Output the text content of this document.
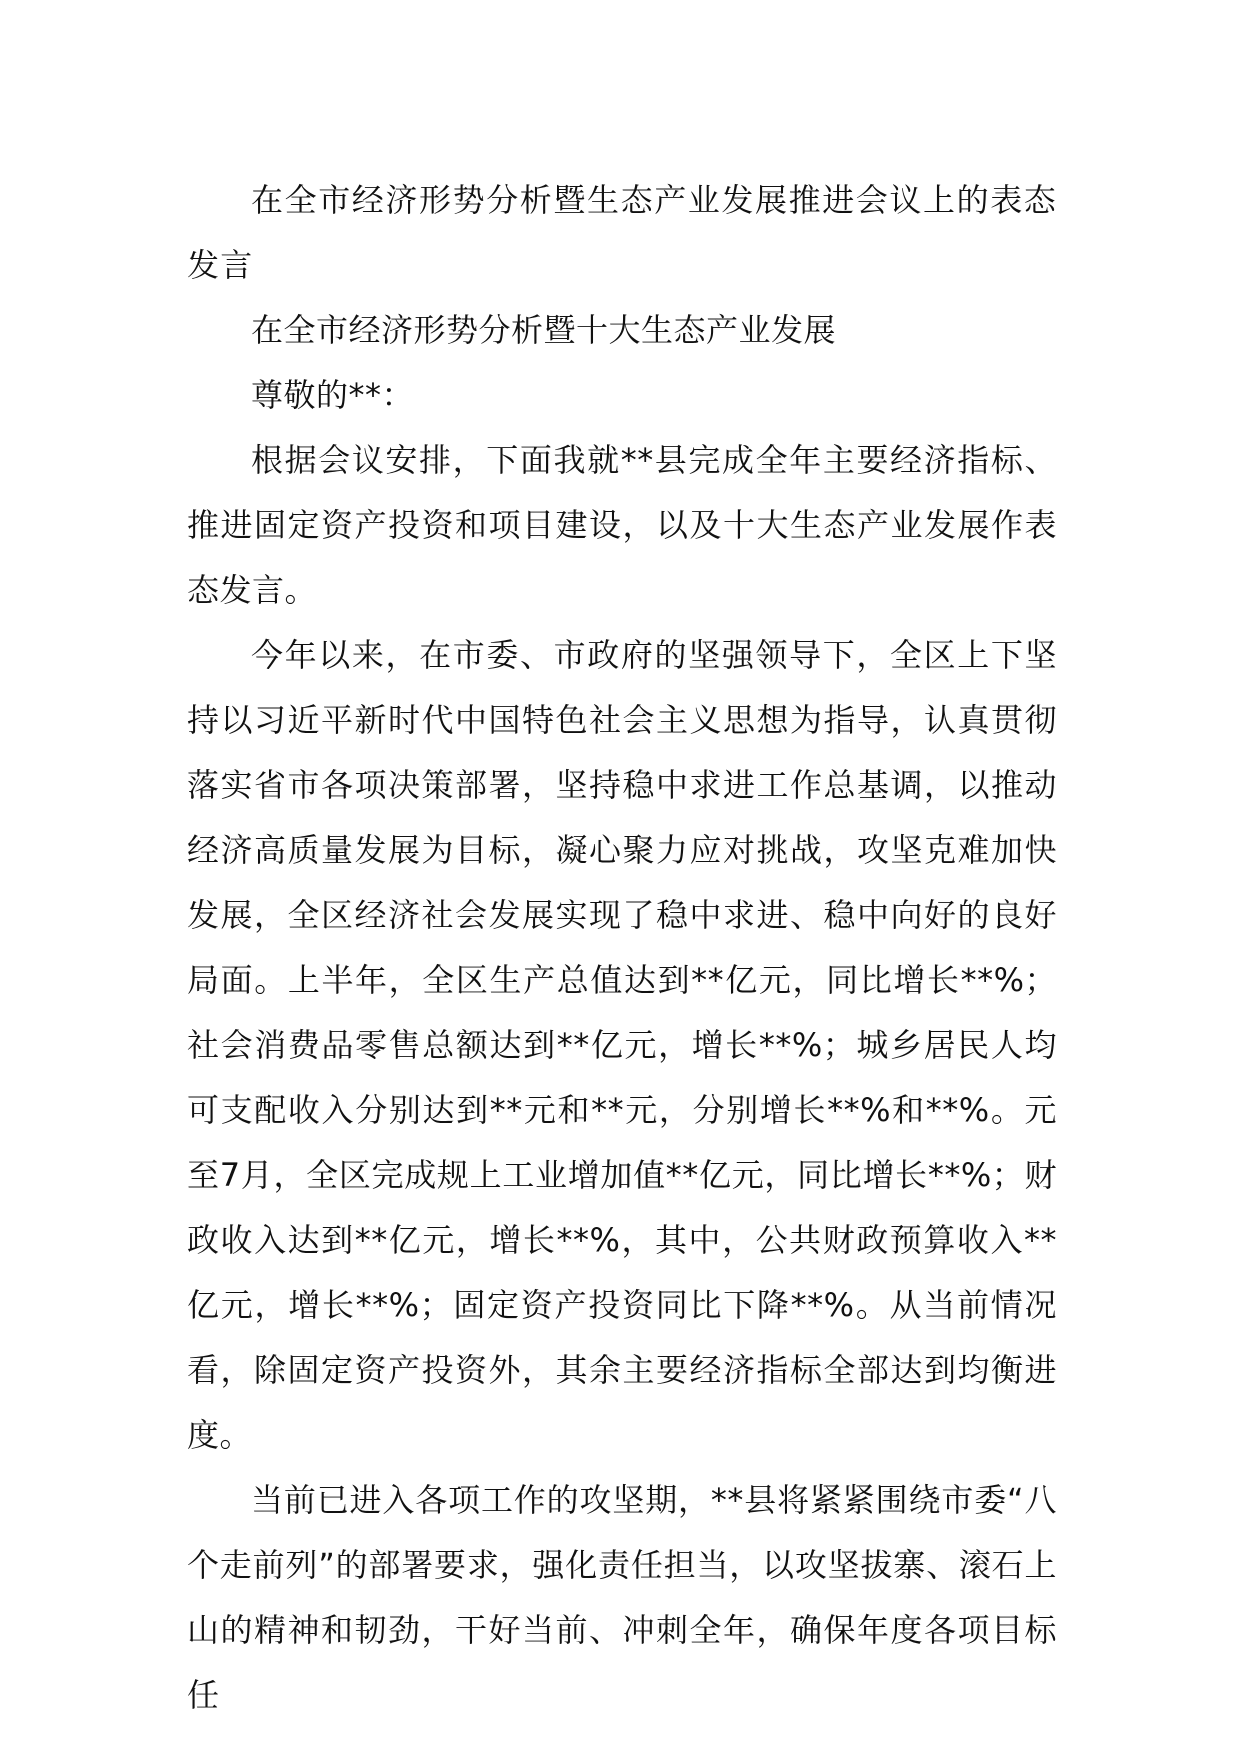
在全市经济形势分析暨生态产业发展推进会议上的表态发言

在全市经济形势分析暨十大生态产业发展

尊敬的**：

根据会议安排，下面我就**县完成全年主要经济指标、推进固定资产投资和项目建设，以及十大生态产业发展作表态发言。

今年以来，在市委、市政府的坚强领导下，全区上下坚持以习近平新时代中国特色社会主义思想为指导，认真贯彻落实省市各项决策部署，坚持稳中求进工作总基调，以推动经济高质量发展为目标，凝心聚力应对挑战，攻坚克难加快发展，全区经济社会发展实现了稳中求进、稳中向好的良好局面。上半年，全区生产总值达到**亿元，同比增长**%；社会消费品零售总额达到**亿元，增长**%；城乡居民人均可支配收入分别达到**元和**元，分别增长**%和**%。元至7月，全区完成规上工业增加值**亿元，同比增长**%；财政收入达到**亿元，增长**%，其中，公共财政预算收入**亿元，增长**%；固定资产投资同比下降**%。从当前情况看，除固定资产投资外，其余主要经济指标全部达到均衡进度。

当前已进入各项工作的攻坚期，**县将紧紧围绕市委“八个走前列”的部署要求，强化责任担当，以攻坚拔寨、滚石上山的精神和韧劲，干好当前、冲刺全年，确保年度各项目标任
